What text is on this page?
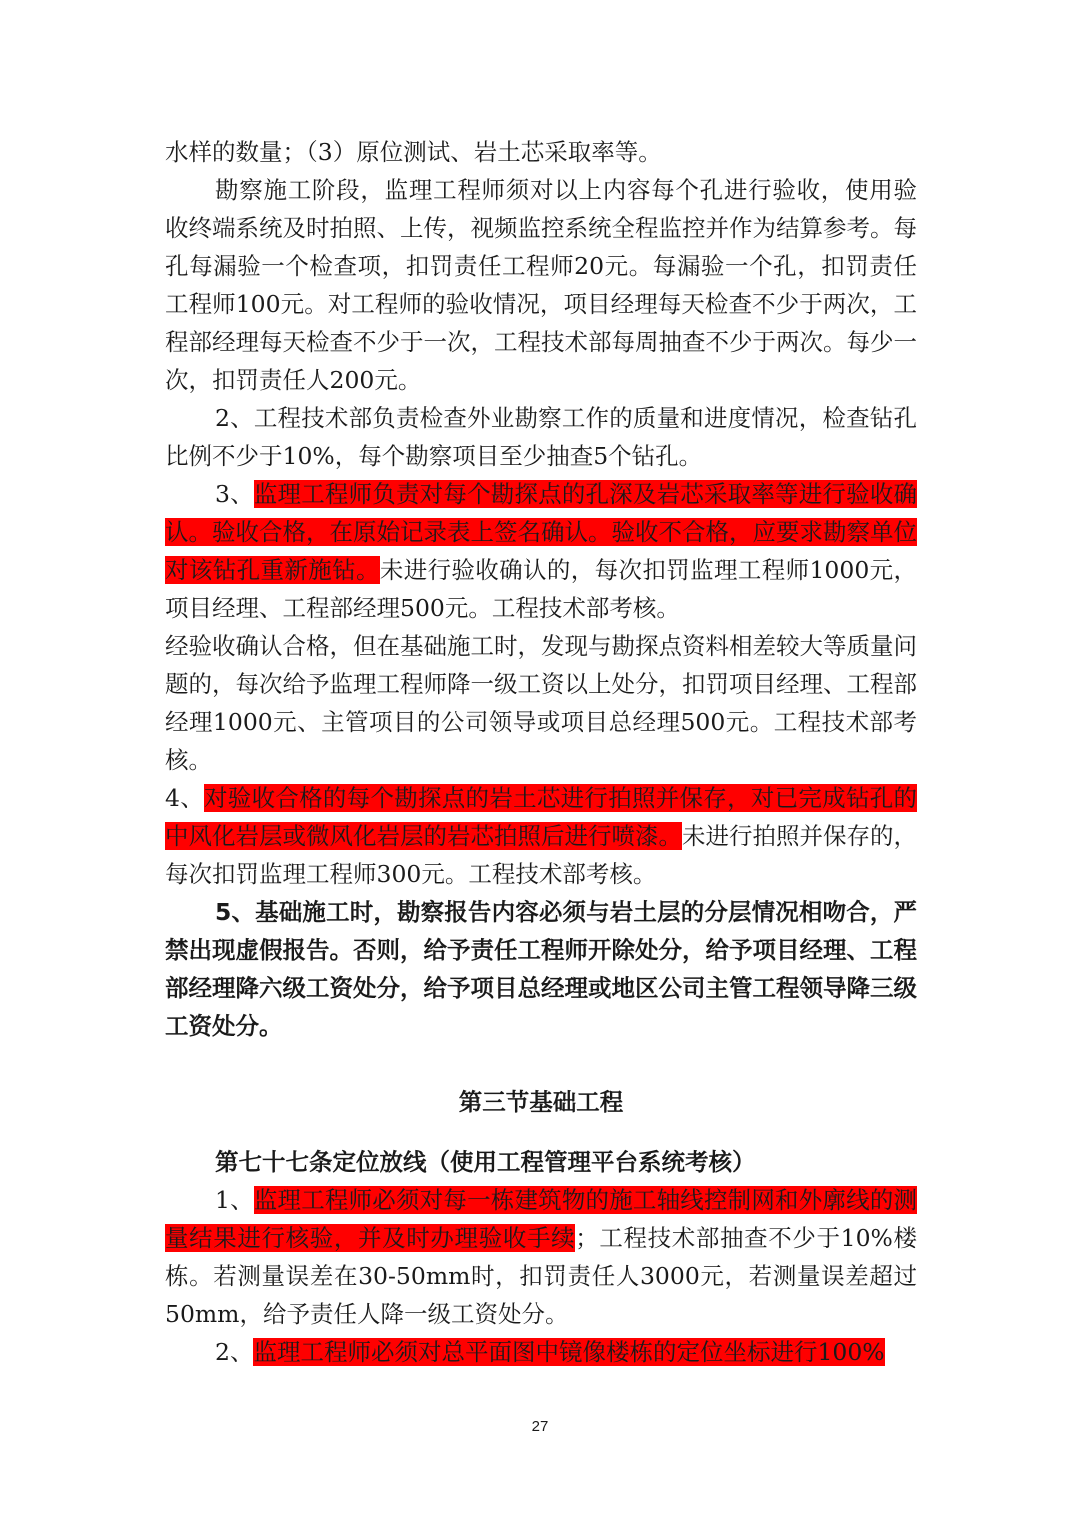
水样的数量；（3）原位测试、岩土芯采取率等。

勘察施工阶段，监理工程师须对以上内容每个孔进行验收，使用验收终端系统及时拍照、上传，视频监控系统全程监控并作为结算参考。每孔每漏验一个检查项，扣罚责任工程师20元。每漏验一个孔，扣罚责任工程师100元。对工程师的验收情况，项目经理每天检查不少于两次，工程部经理每天检查不少于一次，工程技术部每周抽查不少于两次。每少一次，扣罚责任人200元。

2、工程技术部负责检查外业勘察工作的质量和进度情况，检查钻孔比例不少于10%，每个勘察项目至少抽查5个钻孔。

3、监理工程师负责对每个勘探点的孔深及岩芯采取率等进行验收确认。验收合格，在原始记录表上签名确认。验收不合格，应要求勘察单位对该钻孔重新施钻。未进行验收确认的，每次扣罚监理工程师1000元，项目经理、工程部经理500元。工程技术部考核。

经验收确认合格，但在基础施工时，发现与勘探点资料相差较大等质量问题的，每次给予监理工程师降一级工资以上处分，扣罚项目经理、工程部经理1000元、主管项目的公司领导或项目总经理500元。工程技术部考核。

4、对验收合格的每个勘探点的岩土芯进行拍照并保存，对已完成钻孔的中风化岩层或微风化岩层的岩芯拍照后进行喷漆。未进行拍照并保存的，每次扣罚监理工程师300元。工程技术部考核。

5、基础施工时，勘察报告内容必须与岩土层的分层情况相吻合，严禁出现虚假报告。否则，给予责任工程师开除处分，给予项目经理、工程部经理降六级工资处分，给予项目总经理或地区公司主管工程领导降三级工资处分。

第三节基础工程

第七十七条定位放线（使用工程管理平台系统考核）

1、监理工程师必须对每一栋建筑物的施工轴线控制网和外廓线的测量结果进行核验，并及时办理验收手续；工程技术部抽查不少于10%楼栋。若测量误差在30-50mm时，扣罚责任人3000元，若测量误差超过50mm，给予责任人降一级工资处分。

2、监理工程师必须对总平面图中镜像楼栋的定位坐标进行100%

27
